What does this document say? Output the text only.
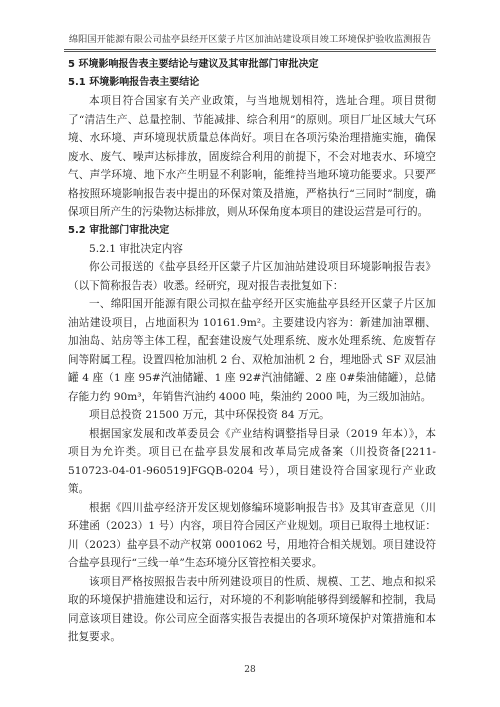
绵阳国开能源有限公司盐亭县经开区蒙子片区加油站建设项目竣工环境保护验收监测报告
5 环境影响报告表主要结论与建议及其审批部门审批决定
5.1 环境影响报告表主要结论

本项目符合国家有关产业政策，与当地规划相符，选址合理。项目贯彻了“清洁生产、总量控制、节能减排、综合利用”的原则。项目厂址区域大气环境、水环境、声环境现状质量总体尚好。项目在各项污染治理措施实施，确保废水、废气、噪声达标排放，固废综合利用的前提下，不会对地表水、环境空气、声学环境、地下水产生明显不利影响，能维持当地环境功能要求。只要严格按照环境影响报告表中提出的环保对策及措施，严格执行“三同时”制度，确保项目所产生的污染物达标排放，则从环保角度本项目的建设运营是可行的。

5.2 审批部门审批决定
5.2.1 审批决定内容

你公司报送的《盐亭县经开区蒙子片区加油站建设项目环境影响报告表》（以下简称报告表）收悉。经研究，现对报告表批复如下：

一、绵阳国开能源有限公司拟在盐亭经开区实施盐亭县经开区蒙子片区加油站建设项目，占地面积为 10161.9m²。主要建设内容为：新建加油罩棚、加油岛、站房等主体工程，配套建设废气处理系统、废水处理系统、危废暂存间等附属工程。设置四枪加油机 2 台、双枪加油机 2 台，埋地卧式 SF 双层油罐 4 座（1 座 95#汽油储罐、1 座 92#汽油储罐、2 座 0#柴油储罐），总储存能力约 90m³，年销售汽油约 4000 吨，柴油约 2000 吨，为三级加油站。

项目总投资 21500 万元，其中环保投资 84 万元。

根据国家发展和改革委员会《产业结构调整指导目录（2019 年本）》，本项目为允许类。项目已在盐亭县发展和改革局完成备案（川投资备[2211-510723-04-01-960519]FGQB-0204 号），项目建设符合国家现行产业政策。

根据《四川盐亭经济开发区规划修编环境影响报告书》及其审查意见（川环建函（2023）1 号）内容，项目符合园区产业规划。项目已取得土地权证：川（2023）盐亭县不动产权第 0001062 号，用地符合相关规划。项目建设符合盐亭县现行“三线一单”生态环境分区管控相关要求。

该项目严格按照报告表中所列建设项目的性质、规模、工艺、地点和拟采取的环境保护措施建设和运行，对环境的不利影响能够得到缓解和控制，我局同意该项目建设。你公司应全面落实报告表提出的各项环境保护对策措施和本批复要求。

28
